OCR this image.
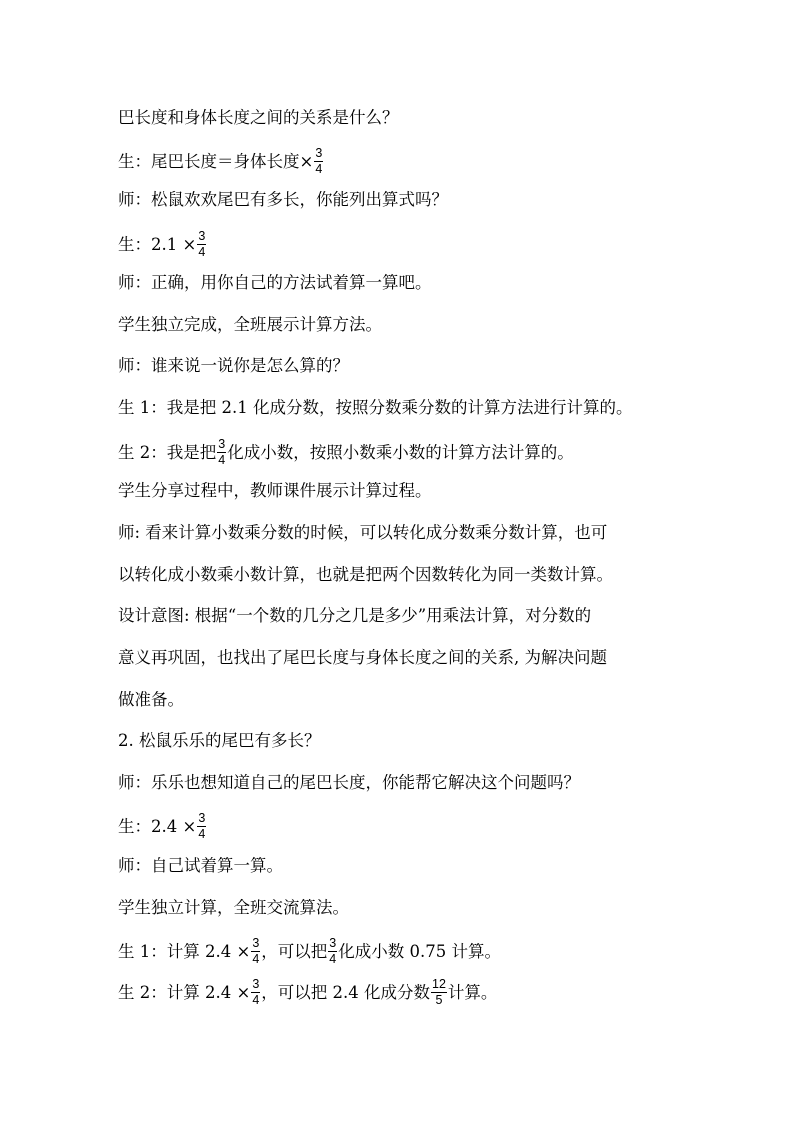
巴长度和身体长度之间的关系是什么？
生：尾巴长度＝身体长度× $\frac{3}{4}$
师：松鼠欢欢尾巴有多长，你能列出算式吗？
生：$2.1 \times \frac{3}{4}$
师：正确，用你自己的方法试着算一算吧。
学生独立完成，全班展示计算方法。
师：谁来说一说你是怎么算的？
生 1：我是把 2.1 化成分数，按照分数乘分数的计算方法进行计算的。
生 2：我是把 $\frac{3}{4}$ 化成小数，按照小数乘小数的计算方法计算的。
学生分享过程中，教师课件展示计算过程。
师: 看来计算小数乘分数的时候，可以转化成分数乘分数计算，也可
以转化成小数乘小数计算，也就是把两个因数转化为同一类数计算。
设计意图: 根据“一个数的几分之几是多少”用乘法计算，对分数的
意义再巩固，也找出了尾巴长度与身体长度之间的关系, 为解决问题
做准备。
2. 松鼠乐乐的尾巴有多长？
师：乐乐也想知道自己的尾巴长度，你能帮它解决这个问题吗？
生：$2.4 \times \frac{3}{4}$
师：自己试着算一算。
学生独立计算，全班交流算法。
生 1：计算 $2.4 \times \frac{3}{4}$ ，可以把 $\frac{3}{4}$ 化成小数 0.75 计算。
生 2：计算 $2.4 \times \frac{3}{4}$ ，可以把 2.4 化成分数 $\frac{12}{5}$ 计算。
